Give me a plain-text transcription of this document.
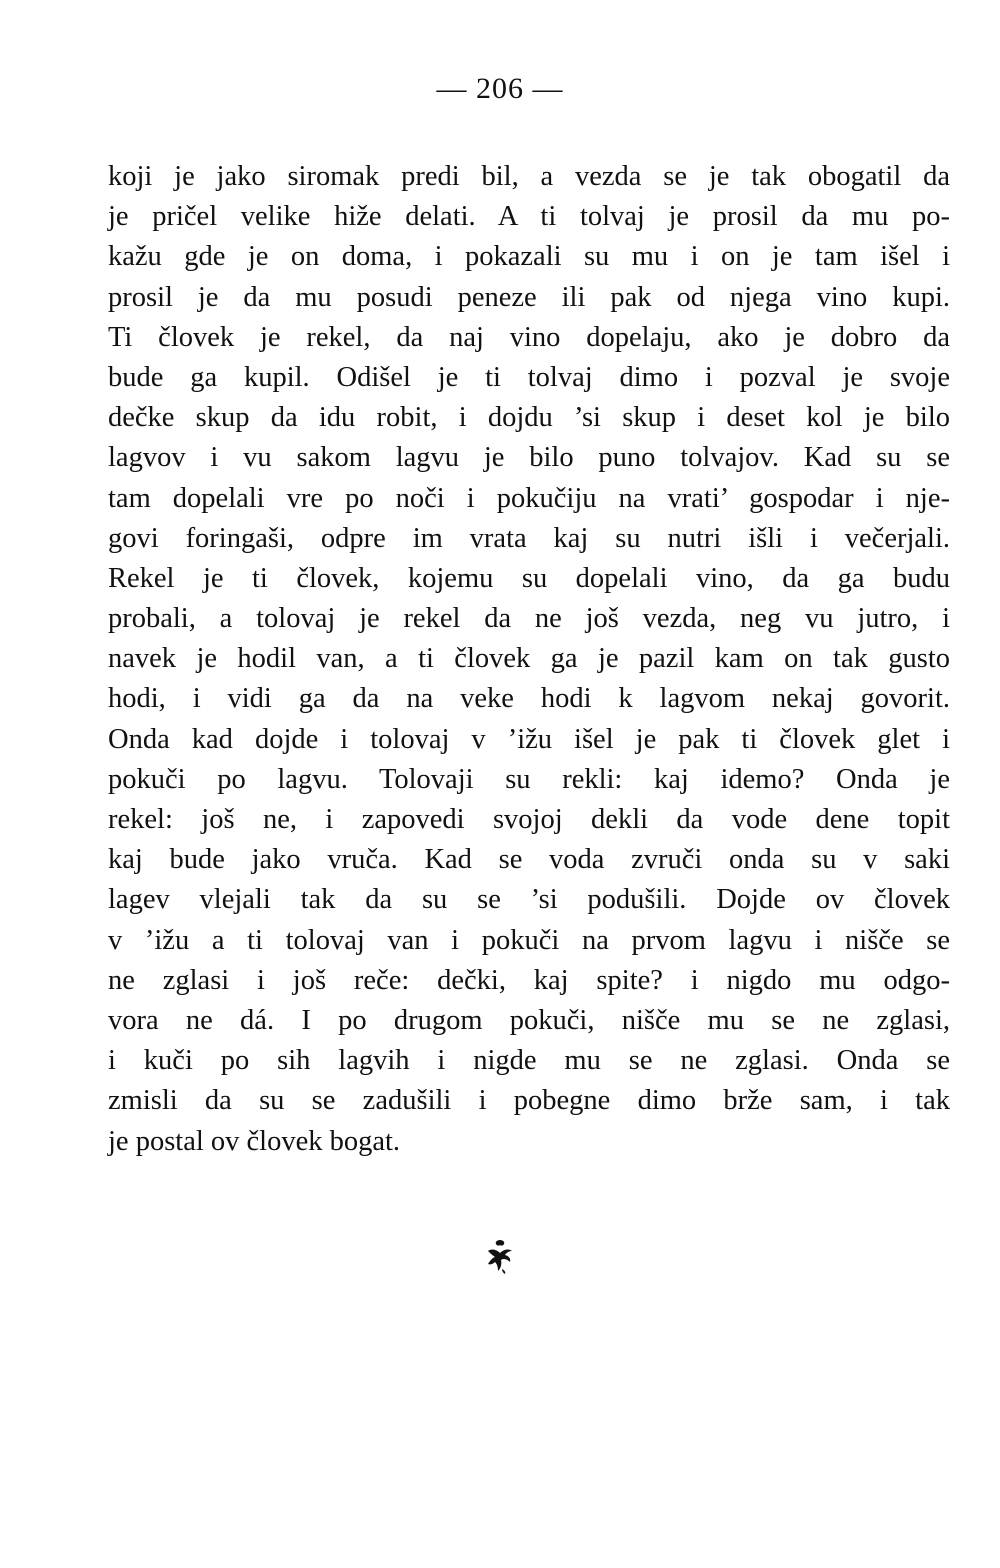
— 206 —
koji je jako siromak predi bil, a vezda se je tak obogatil da
je pričel velike hiže delati. A ti tolvaj je prosil da mu po-
kažu gde je on doma, i pokazali su mu i on je tam išel i
prosil je da mu posudi peneze ili pak od njega vino kupi.
Ti človek je rekel, da naj vino dopelaju, ako je dobro da
bude ga kupil. Odišel je ti tolvaj dimo i pozval je svoje
dečke skup da idu robit, i dojdu ’si skup i deset kol je bilo
lagvov i vu sakom lagvu je bilo puno tolvajov. Kad su se
tam dopelali vre po noči i pokučiju na vrati’ gospodar i nje-
govi foringaši, odpre im vrata kaj su nutri išli i večerjali.
Rekel je ti človek, kojemu su dopelali vino, da ga budu
probali, a tolovaj je rekel da ne još vezda, neg vu jutro, i
navek je hodil van, a ti človek ga je pazil kam on tak gusto
hodi, i vidi ga da na veke hodi k lagvom nekaj govorit.
Onda kad dojde i tolovaj v ’ižu išel je pak ti človek glet i
pokuči po lagvu. Tolovaji su rekli: kaj idemo? Onda je
rekel: još ne, i zapovedi svojoj dekli da vode dene topit
kaj bude jako vruča. Kad se voda zvruči onda su v saki
lagev vlejali tak da su se ’si podušili. Dojde ov človek
v ’ižu a ti tolovaj van i pokuči na prvom lagvu i nišče se
ne zglasi i još reče: dečki, kaj spite? i nigdo mu odgo-
vora ne dá. I po drugom pokuči, nišče mu se ne zglasi,
i kuči po sih lagvih i nigde mu se ne zglasi. Onda se
zmisli da su se zadušili i pobegne dimo brže sam, i tak
je postal ov človek bogat.
